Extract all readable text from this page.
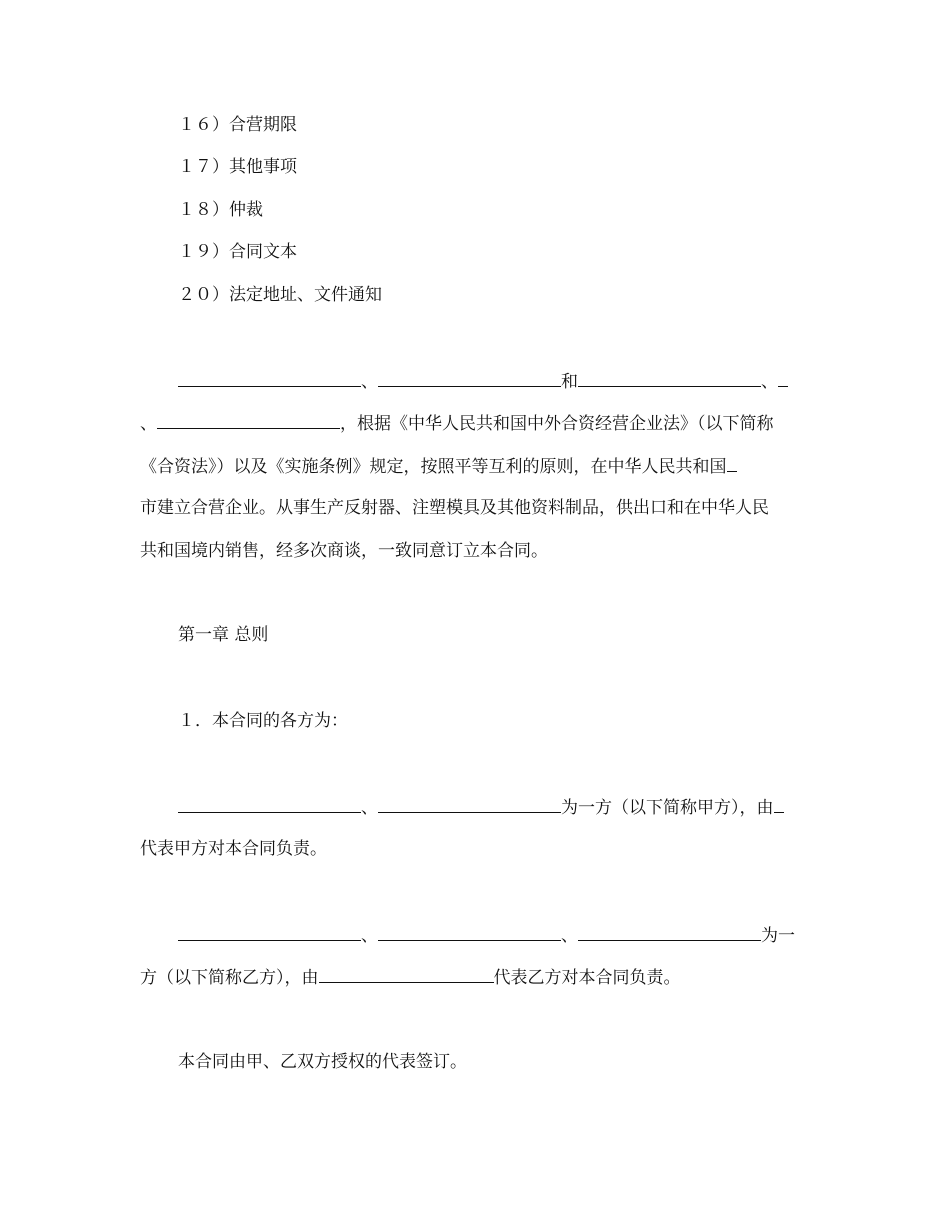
１６）合营期限
１７）其他事项
１８）仲裁
１９）合同文本
２０）法定地址、文件通知
、	和	、
、	，根据《中华人民共和国中外合资经营企业法》（以下简称
《合资法》）以及《实施条例》规定，按照平等互利的原则，在中华人民共和国
市建立合营企业。从事生产反射器、注塑模具及其他资料制品，供出口和在中华人民
共和国境内销售，经多次商谈，一致同意订立本合同。
第一章 总则
１．本合同的各方为：
、	为一方（以下简称甲方），由
代表甲方对本合同负责。
、	、	为一
方（以下简称乙方），由	代表乙方对本合同负责。
本合同由甲、乙双方授权的代表签订。
